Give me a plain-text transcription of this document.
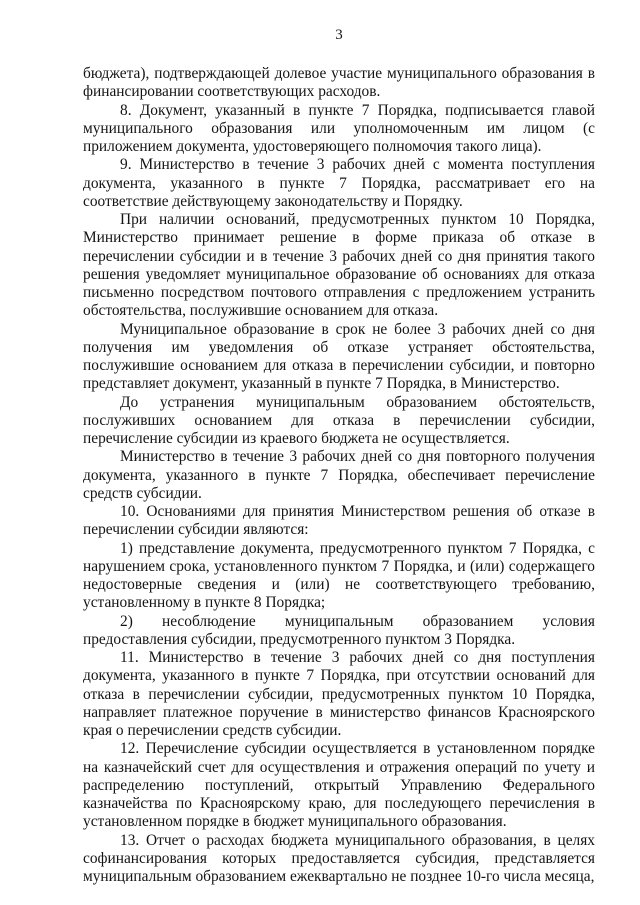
3

бюджета), подтверждающей долевое участие муниципального образования в финансировании соответствующих расходов.

8. Документ, указанный в пункте 7 Порядка, подписывается главой муниципального образования или уполномоченным им лицом (с приложением документа, удостоверяющего полномочия такого лица).

9. Министерство в течение 3 рабочих дней с момента поступления документа, указанного в пункте 7 Порядка, рассматривает его на соответствие действующему законодательству и Порядку.

При наличии оснований, предусмотренных пунктом 10 Порядка, Министерство принимает решение в форме приказа об отказе в перечислении субсидии и в течение 3 рабочих дней со дня принятия такого решения уведомляет муниципальное образование об основаниях для отказа письменно посредством почтового отправления с предложением устранить обстоятельства, послужившие основанием для отказа.

Муниципальное образование в срок не более 3 рабочих дней со дня получения им уведомления об отказе устраняет обстоятельства, послужившие основанием для отказа в перечислении субсидии, и повторно представляет документ, указанный в пункте 7 Порядка, в Министерство.

До устранения муниципальным образованием обстоятельств, послуживших основанием для отказа в перечислении субсидии, перечисление субсидии из краевого бюджета не осуществляется.

Министерство в течение 3 рабочих дней со дня повторного получения документа, указанного в пункте 7 Порядка, обеспечивает перечисление средств субсидии.

10. Основаниями для принятия Министерством решения об отказе в перечислении субсидии являются:

1) представление документа, предусмотренного пунктом 7 Порядка, с нарушением срока, установленного пунктом 7 Порядка, и (или) содержащего недостоверные сведения и (или) не соответствующего требованию, установленному в пункте 8 Порядка;

2) несоблюдение муниципальным образованием условия предоставления субсидии, предусмотренного пунктом 3 Порядка.

11. Министерство в течение 3 рабочих дней со дня поступления документа, указанного в пункте 7 Порядка, при отсутствии оснований для отказа в перечислении субсидии, предусмотренных пунктом 10 Порядка, направляет платежное поручение в министерство финансов Красноярского края о перечислении средств субсидии.

12. Перечисление субсидии осуществляется в установленном порядке на казначейский счет для осуществления и отражения операций по учету и распределению поступлений, открытый Управлению Федерального казначейства по Красноярскому краю, для последующего перечисления в установленном порядке в бюджет муниципального образования.

13. Отчет о расходах бюджета муниципального образования, в целях софинансирования которых предоставляется субсидия, представляется муниципальным образованием ежеквартально не позднее 10-го числа месяца,
